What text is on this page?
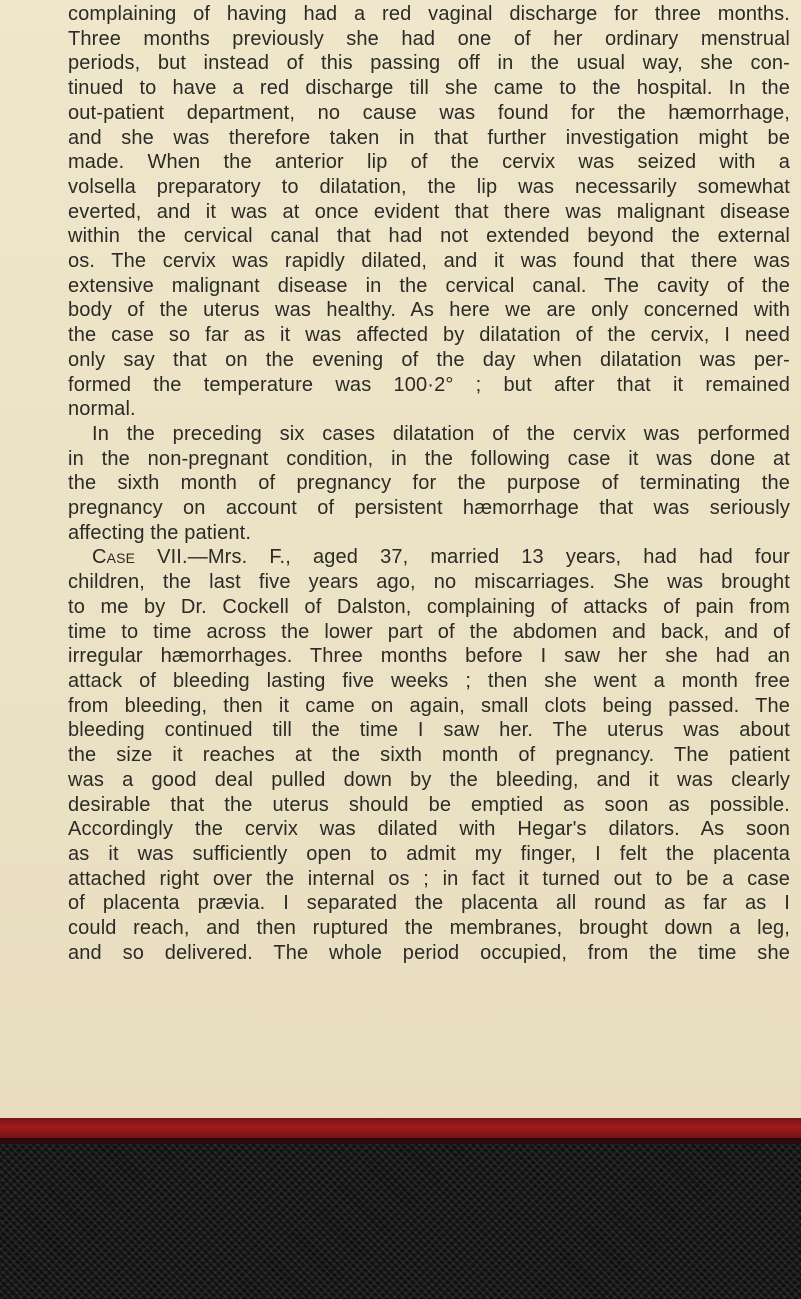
complaining of having had a red vaginal discharge for three months.
Three months previously she had one of her ordinary menstrual
periods, but instead of this passing off in the usual way, she con-
tinued to have a red discharge till she came to the hospital. In the
out-patient department, no cause was found for the hæmorrhage,
and she was therefore taken in that further investigation might be
made. When the anterior lip of the cervix was seized with a
volsella preparatory to dilatation, the lip was necessarily somewhat
everted, and it was at once evident that there was malignant disease
within the cervical canal that had not extended beyond the external
os. The cervix was rapidly dilated, and it was found that there was
extensive malignant disease in the cervical canal. The cavity of the
body of the uterus was healthy. As here we are only concerned with
the case so far as it was affected by dilatation of the cervix, I need
only say that on the evening of the day when dilatation was per-
formed the temperature was 100·2° ; but after that it remained
normal.

In the preceding six cases dilatation of the cervix was performed
in the non-pregnant condition, in the following case it was done at
the sixth month of pregnancy for the purpose of terminating the
pregnancy on account of persistent hæmorrhage that was seriously
affecting the patient.

Case VII.—Mrs. F., aged 37, married 13 years, had had four
children, the last five years ago, no miscarriages. She was brought
to me by Dr. Cockell of Dalston, complaining of attacks of pain from
time to time across the lower part of the abdomen and back, and of
irregular hæmorrhages. Three months before I saw her she had an
attack of bleeding lasting five weeks ; then she went a month free
from bleeding, then it came on again, small clots being passed. The
bleeding continued till the time I saw her. The uterus was about
the size it reaches at the sixth month of pregnancy. The patient
was a good deal pulled down by the bleeding, and it was clearly
desirable that the uterus should be emptied as soon as possible.
Accordingly the cervix was dilated with Hegar's dilators. As soon
as it was sufficiently open to admit my finger, I felt the placenta
attached right over the internal os ; in fact it turned out to be a case
of placenta prævia. I separated the placenta all round as far as I
could reach, and then ruptured the membranes, brought down a leg,
and so delivered. The whole period occupied, from the time she
